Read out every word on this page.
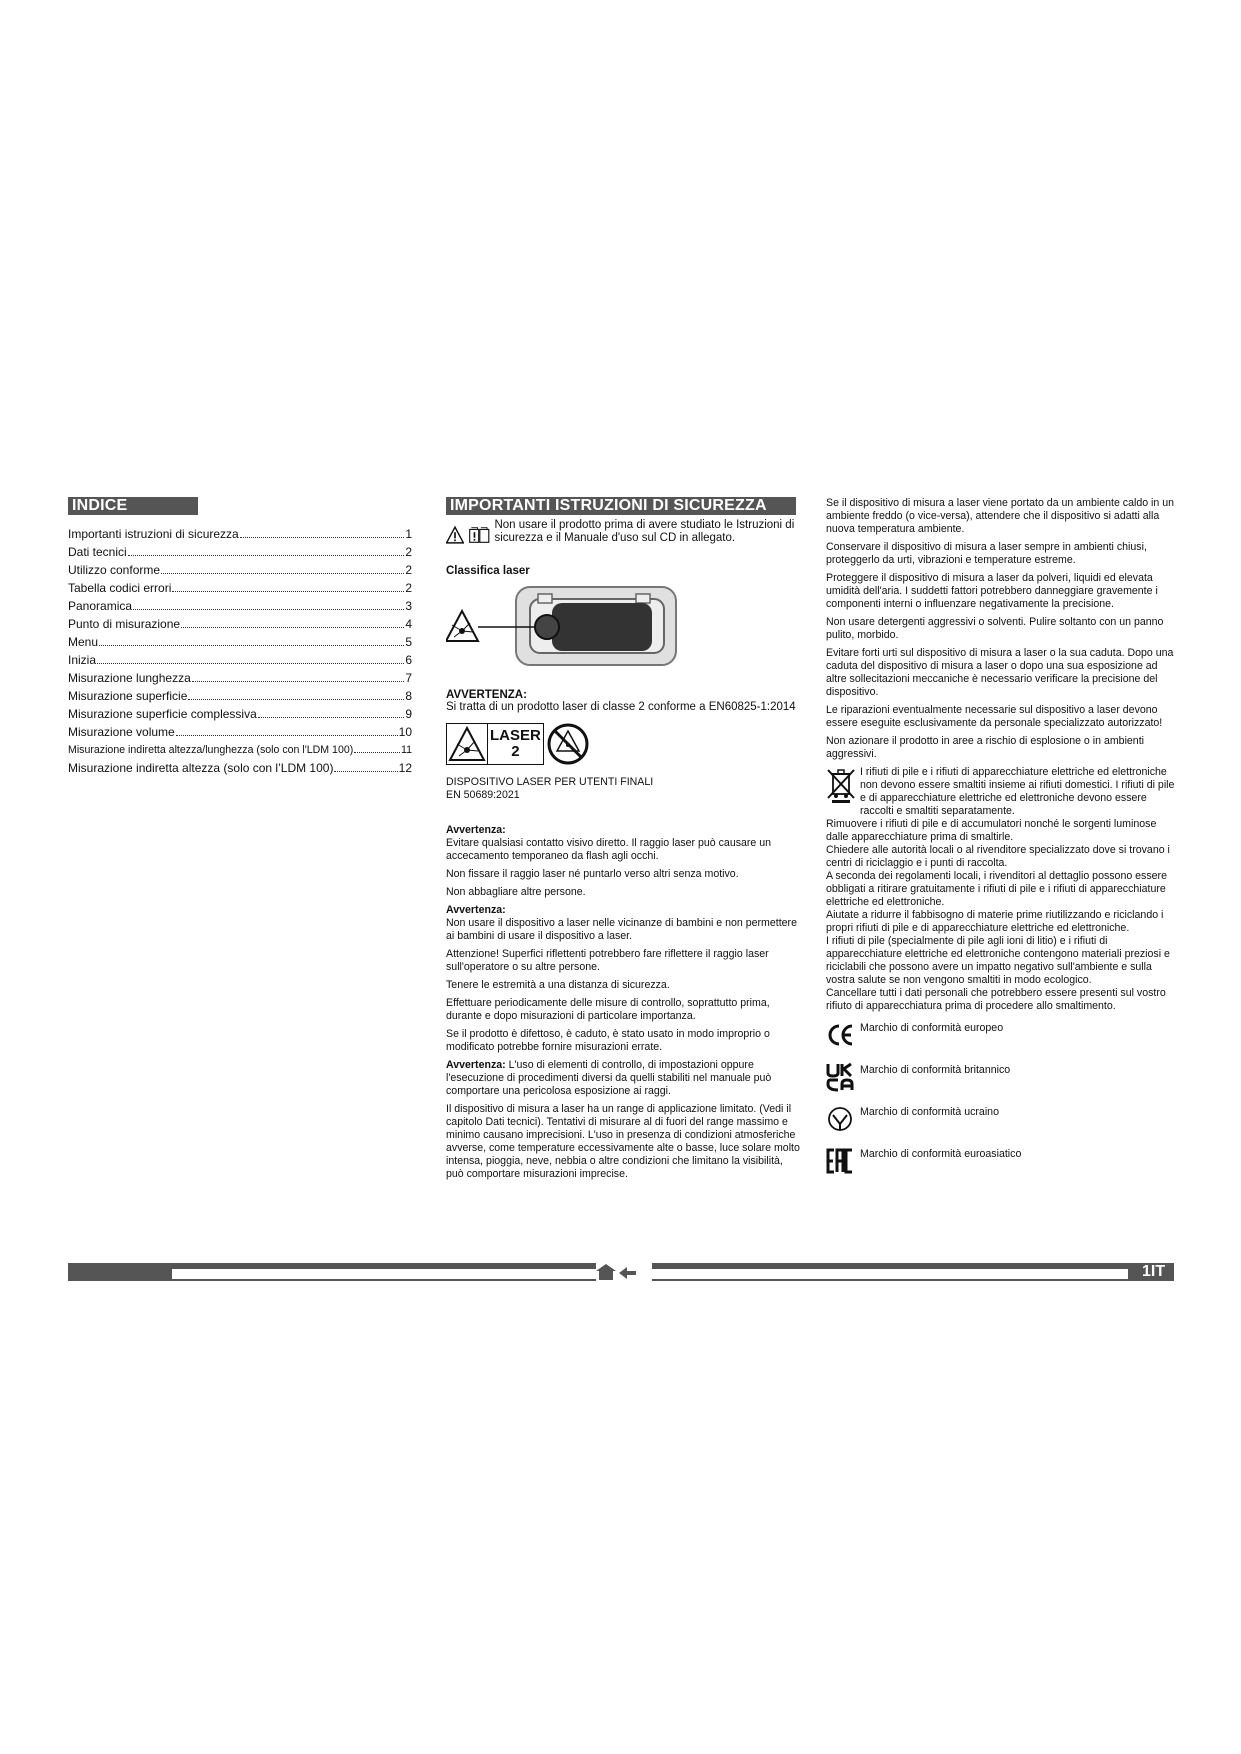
INDICE
Importanti istruzioni di sicurezza	1
Dati tecnici	2
Utilizzo conforme	2
Tabella codici errori	2
Panoramica	3
Punto di misurazione	4
Menu	5
Inizia	6
Misurazione lunghezza	7
Misurazione superficie	8
Misurazione superficie complessiva	9
Misurazione volume	10
Misurazione indiretta altezza/lunghezza (solo con l'LDM 100)	11
Misurazione indiretta altezza (solo con l’LDM 100)	12
IMPORTANTI ISTRUZIONI DI SICUREZZA
Non usare il prodotto prima di avere studiato le Istruzioni di sicurezza e il Manuale d'uso sul CD in allegato.
Classifica laser
AVVERTENZA:
Si tratta di un prodotto laser di classe 2 conforme a EN60825-1:2014
LASER
2
DISPOSITIVO LASER PER UTENTI FINALI
EN 50689:2021

Avvertenza:

Evitare qualsiasi contatto visivo diretto. Il raggio laser può causare un accecamento temporaneo da flash agli occhi.

Non fissare il raggio laser né puntarlo verso altri senza motivo.

Non abbagliare altre persone.

Avvertenza:

Non usare il dispositivo a laser nelle vicinanze di bambini e non permettere ai bambini di usare il dispositivo a laser.

Attenzione! Superfici riflettenti potrebbero fare riflettere il raggio laser sull'operatore o su altre persone.

Tenere le estremità a una distanza di sicurezza.

Effettuare periodicamente delle misure di controllo, soprattutto prima, durante e dopo misurazioni di particolare importanza.

Se il prodotto è difettoso, è caduto, è stato usato in modo improprio o modificato potrebbe fornire misurazioni errate.

Avvertenza: L'uso di elementi di controllo, di impostazioni oppure l'esecuzione di procedimenti diversi da quelli stabiliti nel manuale può comportare una pericolosa esposizione ai raggi.

Il dispositivo di misura a laser ha un range di applicazione limitato. (Vedi il capitolo Dati tecnici). Tentativi di misurare al di fuori del range massimo e minimo causano imprecisioni. L'uso in presenza di condizioni atmosferiche avverse, come temperature eccessivamente alte o basse, luce solare molto intensa, pioggia, neve, nebbia o altre condizioni che limitano la visibilità, può comportare misurazioni imprecise.

Se il dispositivo di misura a laser viene portato da un ambiente caldo in un ambiente freddo (o vice-versa), attendere che il dispositivo si adatti alla nuova temperatura ambiente.

Conservare il dispositivo di misura a laser sempre in ambienti chiusi, proteggerlo da urti, vibrazioni e temperature estreme.

Proteggere il dispositivo di misura a laser da polveri, liquidi ed elevata umidità dell'aria. I suddetti fattori potrebbero danneggiare gravemente i componenti interni o influenzare negativamente la precisione.

Non usare detergenti aggressivi o solventi. Pulire soltanto con un panno pulito, morbido.

Evitare forti urti sul dispositivo di misura a laser o la sua caduta. Dopo una caduta del dispositivo di misura a laser o dopo una sua esposizione ad altre sollecitazioni meccaniche è necessario verificare la precisione del dispositivo.

Le riparazioni eventualmente necessarie sul dispositivo a laser devono essere eseguite esclusivamente da personale specializzato autorizzato!

Non azionare il prodotto in aree a rischio di esplosione o in ambienti aggressivi.

I rifiuti di pile e i rifiuti di apparecchiature elettriche ed elettroniche non devono essere smaltiti insieme ai rifiuti domestici. I rifiuti di pile e di apparecchiature elettriche ed elettroniche devono essere raccolti e smaltiti separatamente.

Rimuovere i rifiuti di pile e di accumulatori nonché le sorgenti luminose dalle apparecchiature prima di smaltirle.

Chiedere alle autorità locali o al rivenditore specializzato dove si trovano i centri di riciclaggio e i punti di raccolta.

A seconda dei regolamenti locali, i rivenditori al dettaglio possono essere obbligati a ritirare gratuitamente i rifiuti di pile e i rifiuti di apparecchiature elettriche ed elettroniche.

Aiutate a ridurre il fabbisogno di materie prime riutilizzando e riciclando i propri rifiuti di pile e di apparecchiature elettriche ed elettroniche.

I rifiuti di pile (specialmente di pile agli ioni di litio) e i rifiuti di apparecchiature elettriche ed elettroniche contengono materiali preziosi e riciclabili che possono avere un impatto negativo sull'ambiente e sulla vostra salute se non vengono smaltiti in modo ecologico.

Cancellare tutti i dati personali che potrebbero essere presenti sul vostro rifiuto di apparecchiatura prima di procedere allo smaltimento.

Marchio di conformità europeo
Marchio di conformità britannico
Marchio di conformità ucraino
Marchio di conformità euroasiatico
1IT
